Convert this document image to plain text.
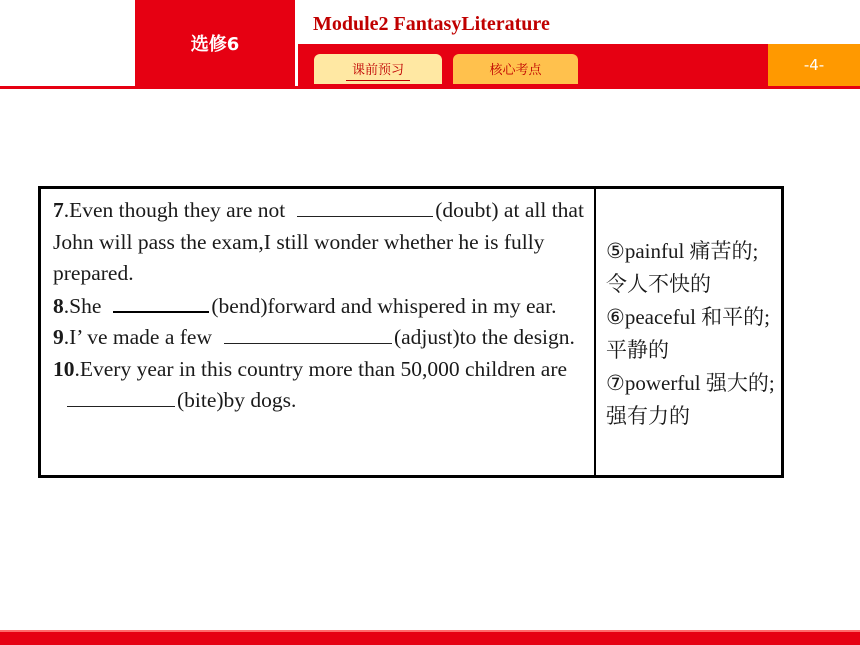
选修6
Module2 FantasyLiterature
课前预习	核心考点	-4-

7.Even though they are not	(doubt) at all that John will pass the exam,I still wonder whether he is fully prepared.

8.She	(bend)forward and whispered in my ear.

9.I’ ve made a few	(adjust)to the design.

10.Every year in this country more than 50,000 children are(bite)by dogs.

⑤painful 痛苦的;令人不快的

⑥peaceful 和平的;平静的

⑦powerful 强大的;强有力的
